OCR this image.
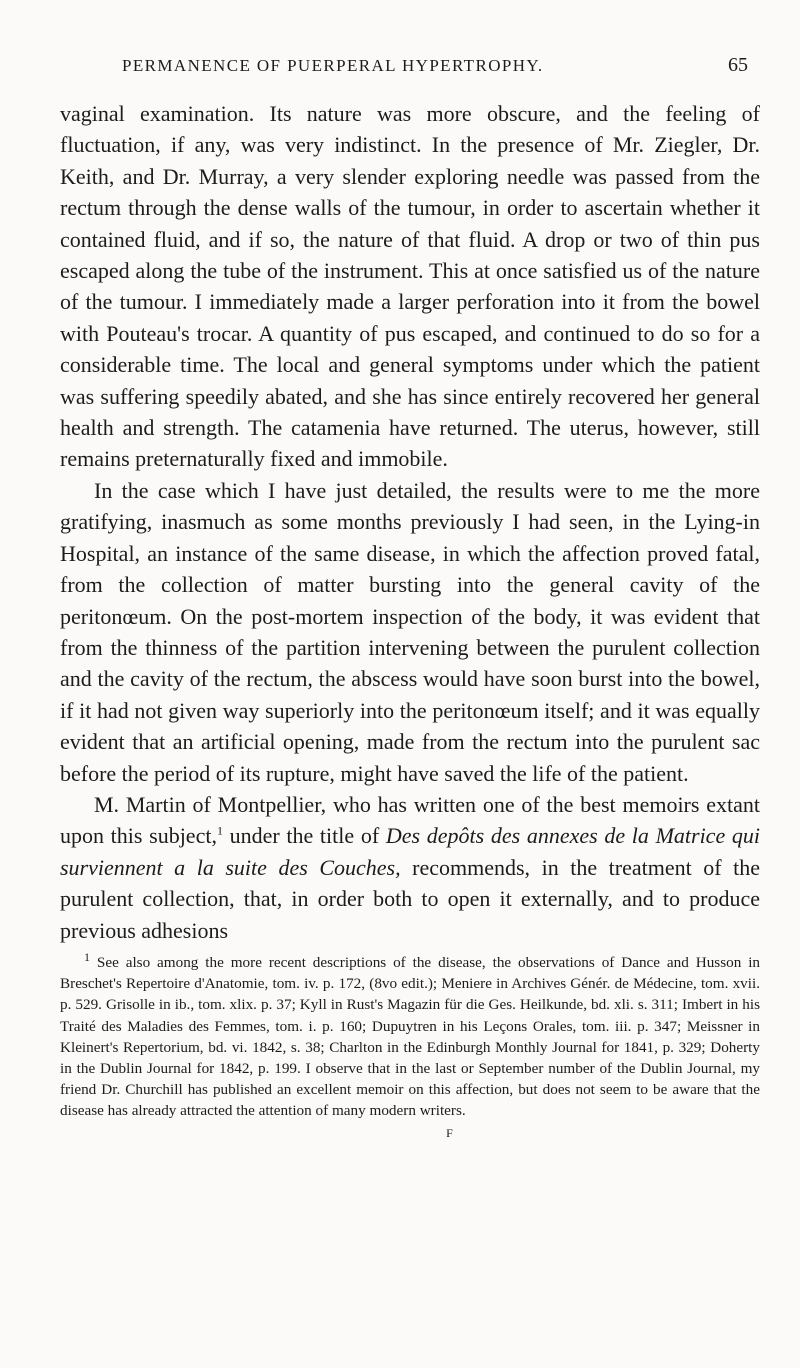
PERMANENCE OF PUERPERAL HYPERTROPHY.	65

vaginal examination. Its nature was more obscure, and the feeling of fluctuation, if any, was very indistinct. In the presence of Mr. Ziegler, Dr. Keith, and Dr. Murray, a very slender exploring needle was passed from the rectum through the dense walls of the tumour, in order to ascertain whether it contained fluid, and if so, the nature of that fluid. A drop or two of thin pus escaped along the tube of the instrument. This at once satisfied us of the nature of the tumour. I immediately made a larger perforation into it from the bowel with Pouteau's trocar. A quantity of pus escaped, and continued to do so for a considerable time. The local and general symptoms under which the patient was suffering speedily abated, and she has since entirely recovered her general health and strength. The catamenia have returned. The uterus, however, still remains preternaturally fixed and immobile.

In the case which I have just detailed, the results were to me the more gratifying, inasmuch as some months previously I had seen, in the Lying-in Hospital, an instance of the same disease, in which the affection proved fatal, from the collection of matter bursting into the general cavity of the peritonœum. On the post-mortem inspection of the body, it was evident that from the thinness of the partition intervening between the purulent collection and the cavity of the rectum, the abscess would have soon burst into the bowel, if it had not given way superiorly into the peritonœum itself; and it was equally evident that an artificial opening, made from the rectum into the purulent sac before the period of its rupture, might have saved the life of the patient.

M. Martin of Montpellier, who has written one of the best memoirs extant upon this subject,$^1$ under the title of Des depôts des annexes de la Matrice qui surviennent a la suite des Couches, recommends, in the treatment of the purulent collection, that, in order both to open it externally, and to produce previous adhesions

$^1$ See also among the more recent descriptions of the disease, the observations of Dance and Husson in Breschet's Repertoire d'Anatomie, tom. iv. p. 172, (8vo edit.); Meniere in Archives Génér. de Médecine, tom. xvii. p. 529. Grisolle in ib., tom. xlix. p. 37; Kyll in Rust's Magazin für die Ges. Heilkunde, bd. xli. s. 311; Imbert in his Traité des Maladies des Femmes, tom. i. p. 160; Dupuytren in his Leçons Orales, tom. iii. p. 347; Meissner in Kleinert's Repertorium, bd. vi. 1842, s. 38; Charlton in the Edinburgh Monthly Journal for 1841, p. 329; Doherty in the Dublin Journal for 1842, p. 199. I observe that in the last or September number of the Dublin Journal, my friend Dr. Churchill has published an excellent memoir on this affection, but does not seem to be aware that the disease has already attracted the attention of many modern writers.

F
